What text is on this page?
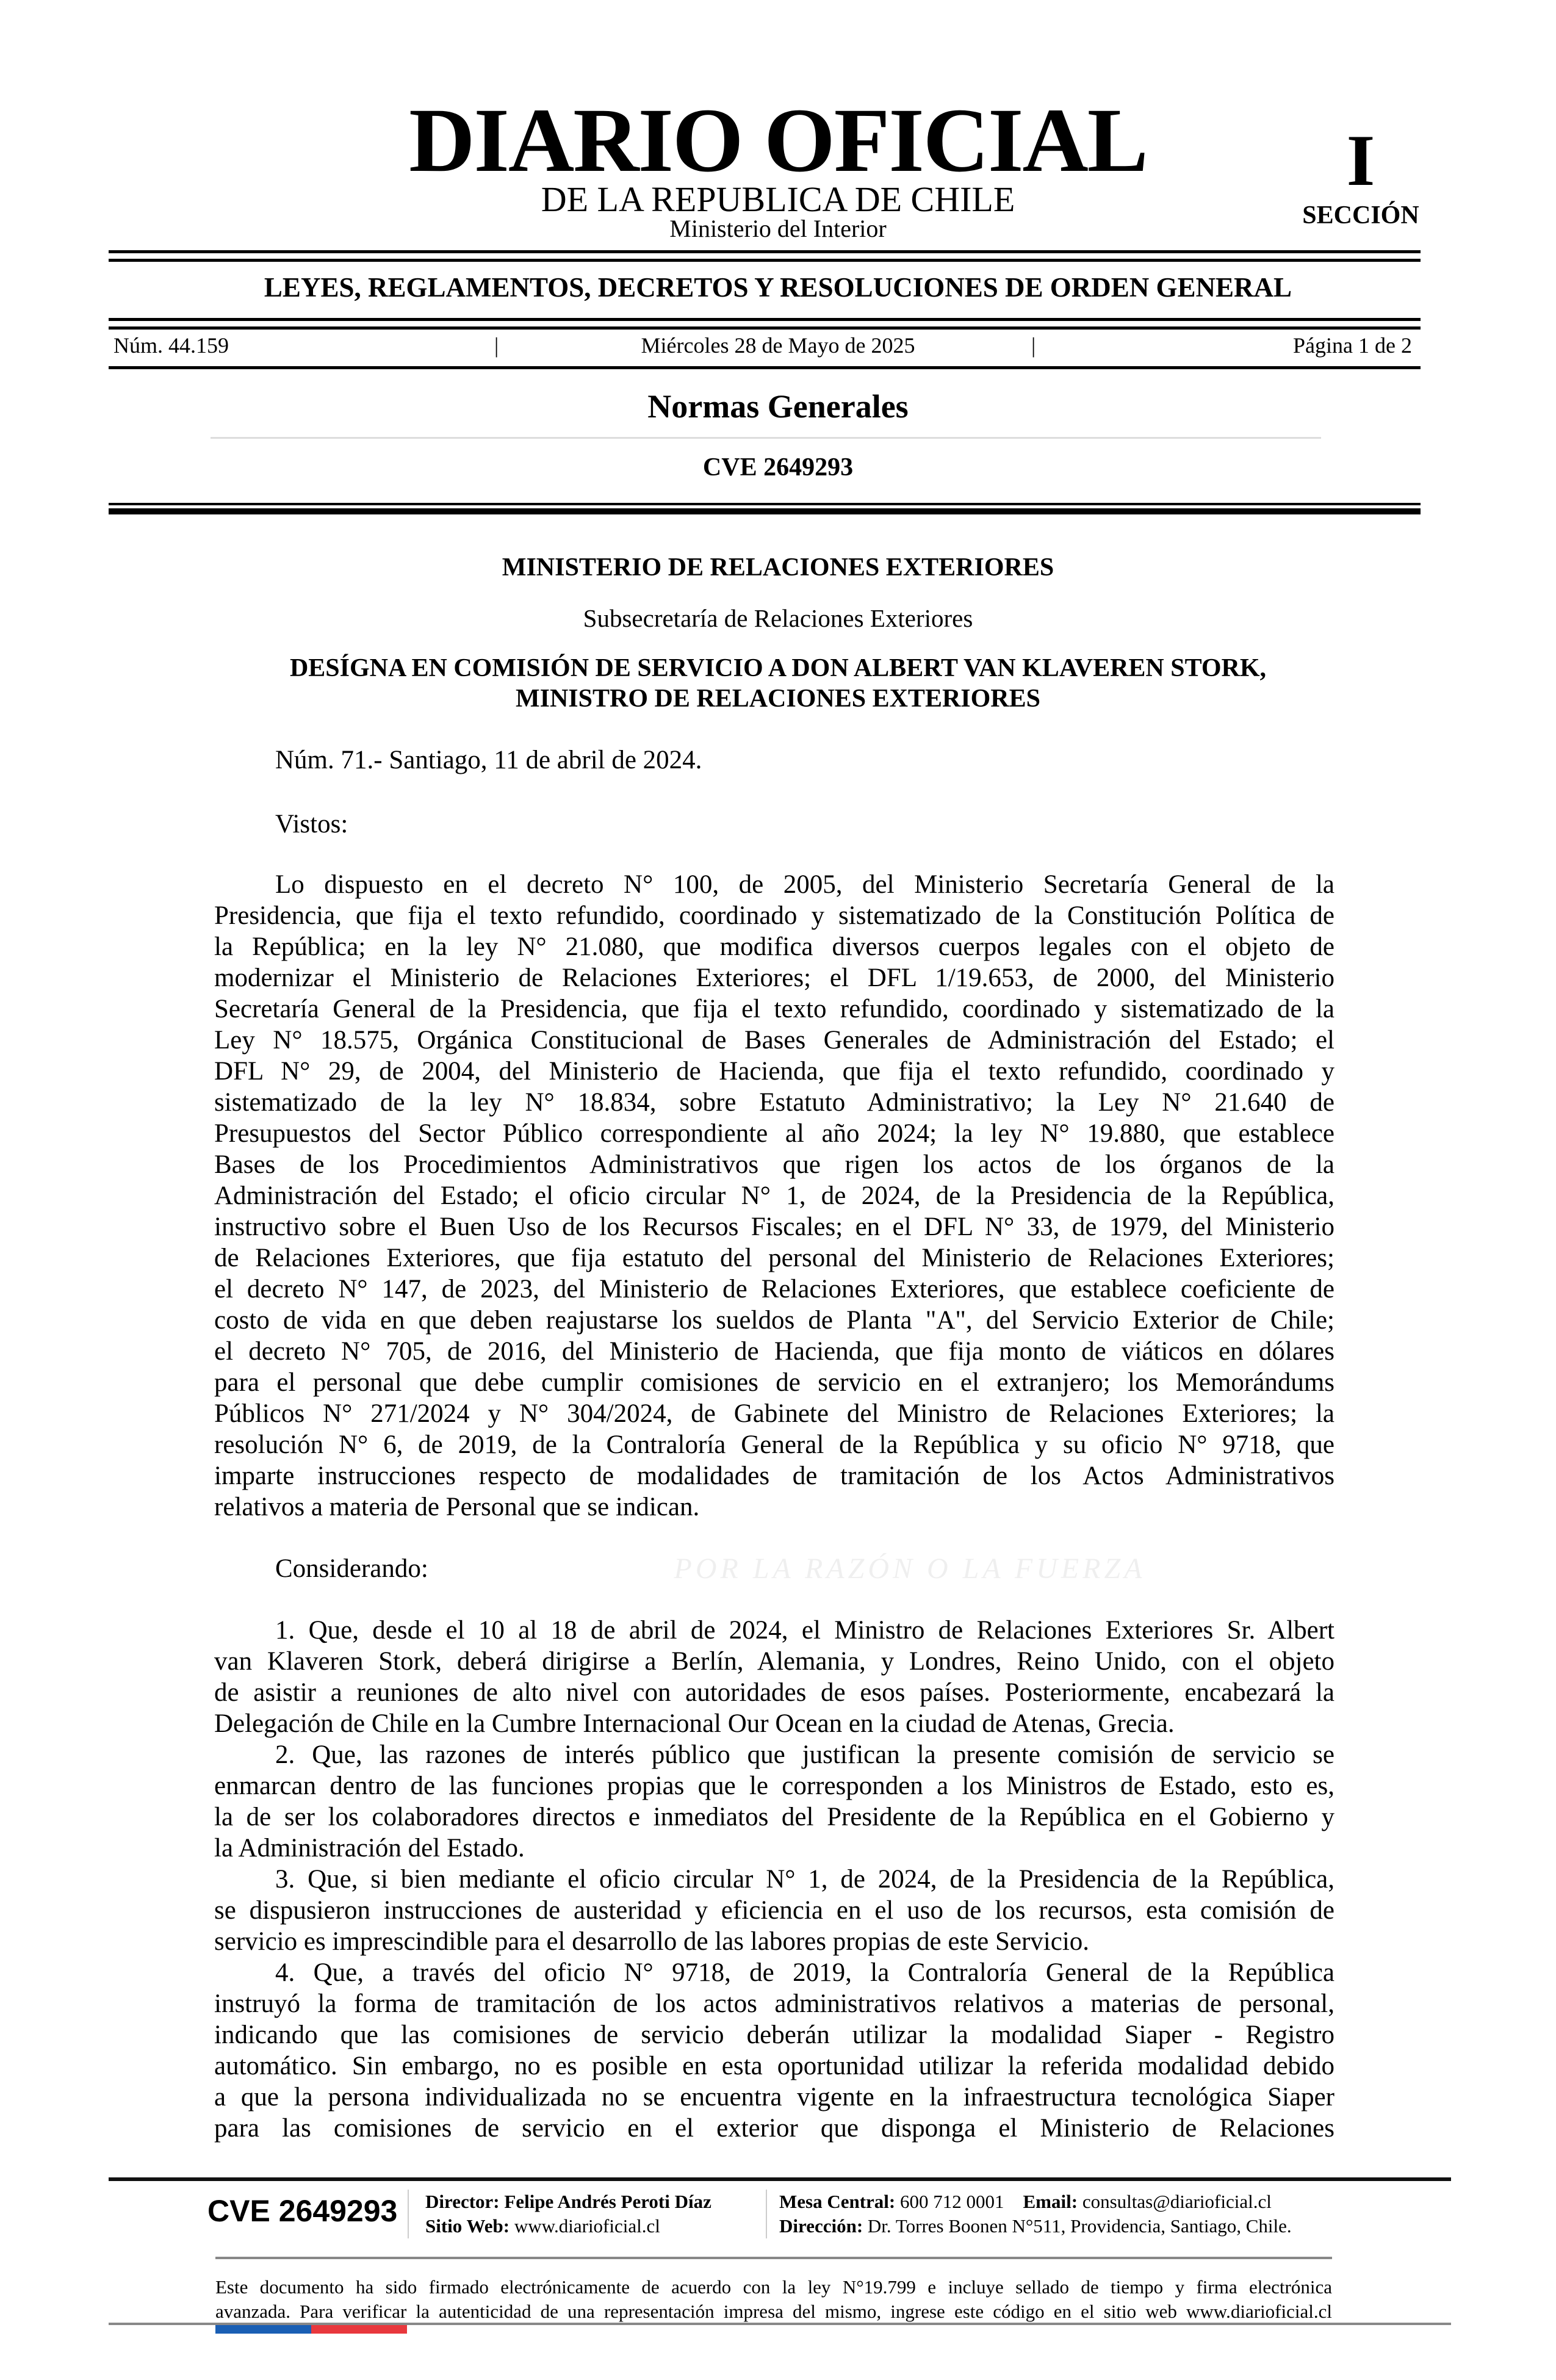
DIARIO OFICIAL
DE LA REPUBLICA DE CHILE
Ministerio del Interior
I
SECCIÓN
LEYES, REGLAMENTOS, DECRETOS Y RESOLUCIONES DE ORDEN GENERAL
Núm. 44.159	|	Miércoles 28 de Mayo de 2025	|	Página 1 de 2
Normas Generales
CVE 2649293
MINISTERIO DE RELACIONES EXTERIORES
Subsecretaría de Relaciones Exteriores
DESÍGNA EN COMISIÓN DE SERVICIO A DON ALBERT VAN KLAVEREN STORK,
MINISTRO DE RELACIONES EXTERIORES
Núm. 71.- Santiago, 11 de abril de 2024.
Vistos:
Lo dispuesto en el decreto N° 100, de 2005, del Ministerio Secretaría General de la
Presidencia, que fija el texto refundido, coordinado y sistematizado de la Constitución Política de
la República; en la ley N° 21.080, que modifica diversos cuerpos legales con el objeto de
modernizar el Ministerio de Relaciones Exteriores; el DFL 1/19.653, de 2000, del Ministerio
Secretaría General de la Presidencia, que fija el texto refundido, coordinado y sistematizado de la
Ley N° 18.575, Orgánica Constitucional de Bases Generales de Administración del Estado; el
DFL N° 29, de 2004, del Ministerio de Hacienda, que fija el texto refundido, coordinado y
sistematizado de la ley N° 18.834, sobre Estatuto Administrativo; la Ley N° 21.640 de
Presupuestos del Sector Público correspondiente al año 2024; la ley N° 19.880, que establece
Bases de los Procedimientos Administrativos que rigen los actos de los órganos de la
Administración del Estado; el oficio circular N° 1, de 2024, de la Presidencia de la República,
instructivo sobre el Buen Uso de los Recursos Fiscales; en el DFL N° 33, de 1979, del Ministerio
de Relaciones Exteriores, que fija estatuto del personal del Ministerio de Relaciones Exteriores;
el decreto N° 147, de 2023, del Ministerio de Relaciones Exteriores, que establece coeficiente de
costo de vida en que deben reajustarse los sueldos de Planta "A", del Servicio Exterior de Chile;
el decreto N° 705, de 2016, del Ministerio de Hacienda, que fija monto de viáticos en dólares
para el personal que debe cumplir comisiones de servicio en el extranjero; los Memorándums
Públicos N° 271/2024 y N° 304/2024, de Gabinete del Ministro de Relaciones Exteriores; la
resolución N° 6, de 2019, de la Contraloría General de la República y su oficio N° 9718, que
imparte instrucciones respecto de modalidades de tramitación de los Actos Administrativos
relativos a materia de Personal que se indican.
Considerando:	POR LA RAZÓN O LA FUERZA
1. Que, desde el 10 al 18 de abril de 2024, el Ministro de Relaciones Exteriores Sr. Albert
van Klaveren Stork, deberá dirigirse a Berlín, Alemania, y Londres, Reino Unido, con el objeto
de asistir a reuniones de alto nivel con autoridades de esos países. Posteriormente, encabezará la
Delegación de Chile en la Cumbre Internacional Our Ocean en la ciudad de Atenas, Grecia.
2. Que, las razones de interés público que justifican la presente comisión de servicio se
enmarcan dentro de las funciones propias que le corresponden a los Ministros de Estado, esto es,
la de ser los colaboradores directos e inmediatos del Presidente de la República en el Gobierno y
la Administración del Estado.
3. Que, si bien mediante el oficio circular N° 1, de 2024, de la Presidencia de la República,
se dispusieron instrucciones de austeridad y eficiencia en el uso de los recursos, esta comisión de
servicio es imprescindible para el desarrollo de las labores propias de este Servicio.
4. Que, a través del oficio N° 9718, de 2019, la Contraloría General de la República
instruyó la forma de tramitación de los actos administrativos relativos a materias de personal,
indicando que las comisiones de servicio deberán utilizar la modalidad Siaper - Registro
automático. Sin embargo, no es posible en esta oportunidad utilizar la referida modalidad debido
a que la persona individualizada no se encuentra vigente en la infraestructura tecnológica Siaper
para las comisiones de servicio en el exterior que disponga el Ministerio de Relaciones
CVE 2649293 Director: Felipe Andrés Peroti Díaz
Sitio Web: www.diarioficial.cl
Mesa Central: 600 712 0001 Email: consultas@diarioficial.cl
Dirección: Dr. Torres Boonen N°511, Providencia, Santiago, Chile.
Este documento ha sido firmado electrónicamente de acuerdo con la ley N°19.799 e incluye sellado de tiempo y firma electrónica
avanzada. Para verificar la autenticidad de una representación impresa del mismo, ingrese este código en el sitio web www.diarioficial.cl
